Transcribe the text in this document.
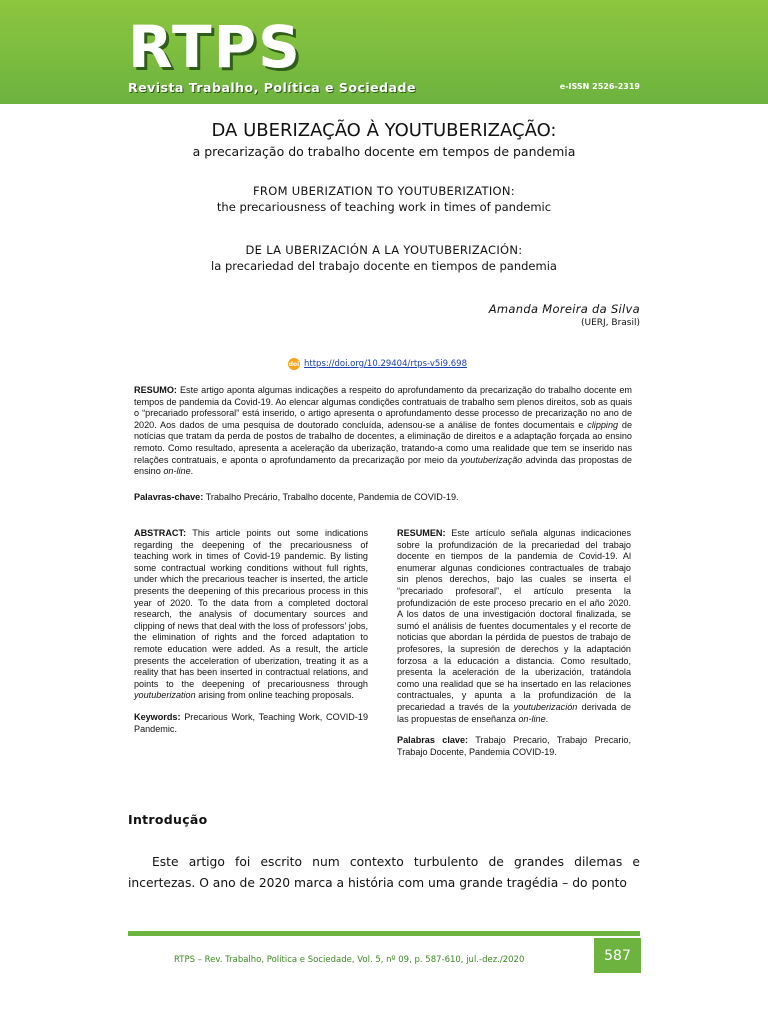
RTPS
Revista Trabalho, Política e Sociedade	e-ISSN 2526-2319
DA UBERIZAÇÃO À YOUTUBERIZAÇÃO:
a precarização do trabalho docente em tempos de pandemia
FROM UBERIZATION TO YOUTUBERIZATION:
the precariousness of teaching work in times of pandemic
DE LA UBERIZACIÓN A LA YOUTUBERIZACIÓN:
la precariedad del trabajo docente en tiempos de pandemia
Amanda Moreira da Silva
(UERJ, Brasil)
doi https://doi.org/10.29404/rtps-v5i9.698
RESUMO: Este artigo aponta algumas indicações a respeito do aprofundamento da precarização do trabalho docente em tempos de pandemia da Covid-19. Ao elencar algumas condições contratuais de trabalho sem plenos direitos, sob as quais o “precariado professoral” está inserido, o artigo apresenta o aprofundamento desse processo de precarização no ano de 2020. Aos dados de uma pesquisa de doutorado concluída, adensou-se a análise de fontes documentais e clipping de notícias que tratam da perda de postos de trabalho de docentes, a eliminação de direitos e a adaptação forçada ao ensino remoto. Como resultado, apresenta a aceleração da uberização, tratando-a como uma realidade que tem se inserido nas relações contratuais, e aponta o aprofundamento da precarização por meio da youtuberização advinda das propostas de ensino on-line.
Palavras-chave: Trabalho Precário, Trabalho docente, Pandemia de COVID-19.
ABSTRACT: This article points out some indications regarding the deepening of the precariousness of teaching work in times of Covid-19 pandemic. By listing some contractual working conditions without full rights, under which the precarious teacher is inserted, the article presents the deepening of this precarious process in this year of 2020. To the data from a completed doctoral research, the analysis of documentary sources and clipping of news that deal with the loss of professors' jobs, the elimination of rights and the forced adaptation to remote education were added. As a result, the article presents the acceleration of uberization, treating it as a reality that has been inserted in contractual relations, and points to the deepening of precariousness through youtuberization arising from online teaching proposals.
Keywords: Precarious Work, Teaching Work, COVID-19 Pandemic.
RESUMEN: Este artículo señala algunas indicaciones sobre la profundización de la precariedad del trabajo docente en tiempos de la pandemia de Covid-19. Al enumerar algunas condiciones contractuales de trabajo sin plenos derechos, bajo las cuales se inserta el “precariado profesoral”, el artículo presenta la profundización de este proceso precario en el año 2020. A los datos de una investigación doctoral finalizada, se sumó el análisis de fuentes documentales y el recorte de noticias que abordan la pérdida de puestos de trabajo de profesores, la supresión de derechos y la adaptación forzosa a la educación a distancia. Como resultado, presenta la aceleración de la uberización, tratándola como una realidad que se ha insertado en las relaciones contractuales, y apunta a la profundización de la precariedad a través de la youtuberización derivada de las propuestas de enseñanza on-line.
Palabras clave: Trabajo Precario, Trabajo Precario, Trabajo Docente, Pandemia COVID-19.
Introdução
Este artigo foi escrito num contexto turbulento de grandes dilemas e incertezas. O ano de 2020 marca a história com uma grande tragédia – do ponto
RTPS – Rev. Trabalho, Política e Sociedade, Vol. 5, nº 09, p. 587-610, jul.-dez./2020	587
